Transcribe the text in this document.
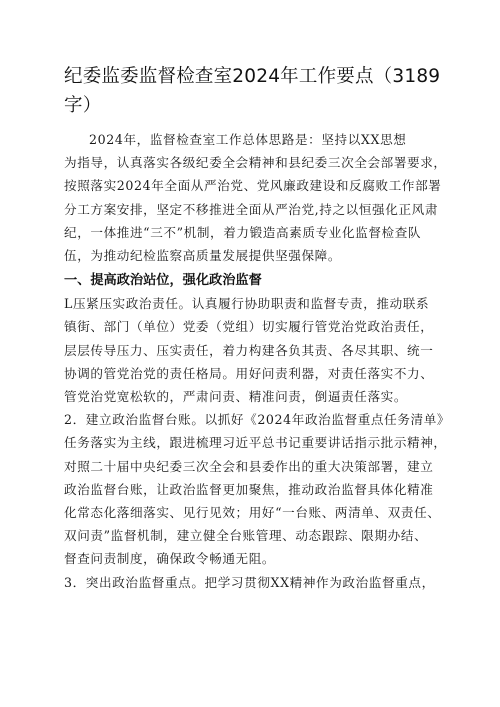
纪委监委监督检查室2024年工作要点（3189
字）

2024年，监督检查室工作总体思路是：坚持以XX思想
为指导，认真落实各级纪委全会精神和县纪委三次全会部署要求，
按照落实2024年全面从严治党、党风廉政建设和反腐败工作部署
分工方案安排，坚定不移推进全面从严治党,持之以恒强化正风肃
纪，一体推进“三不”机制，着力锻造高素质专业化监督检查队
伍，为推动纪检监察高质量发展提供坚强保障。

一、提高政治站位，强化政治监督

L压紧压实政治责任。认真履行协助职责和监督专责，推动联系
镇街、部门（单位）党委（党组）切实履行管党治党政治责任，
层层传导压力、压实责任，着力构建各负其责、各尽其职、统一
协调的管党治党的责任格局。用好问责利器，对责任落实不力、
管党治党宽松软的，严肃问责、精准问责，倒逼责任落实。

2．建立政治监督台账。以抓好《2024年政治监督重点任务清单》
任务落实为主线，跟进梳理习近平总书记重要讲话指示批示精神，
对照二十届中央纪委三次全会和县委作出的重大决策部署，建立
政治监督台账，让政治监督更加聚焦，推动政治监督具体化精准
化常态化落细落实、见行见效；用好“一台账、两清单、双责任、
双问责”监督机制，建立健全台账管理、动态跟踪、限期办结、
督查问责制度，确保政令畅通无阻。

3．突出政治监督重点。把学习贯彻XX精神作为政治监督重点，
